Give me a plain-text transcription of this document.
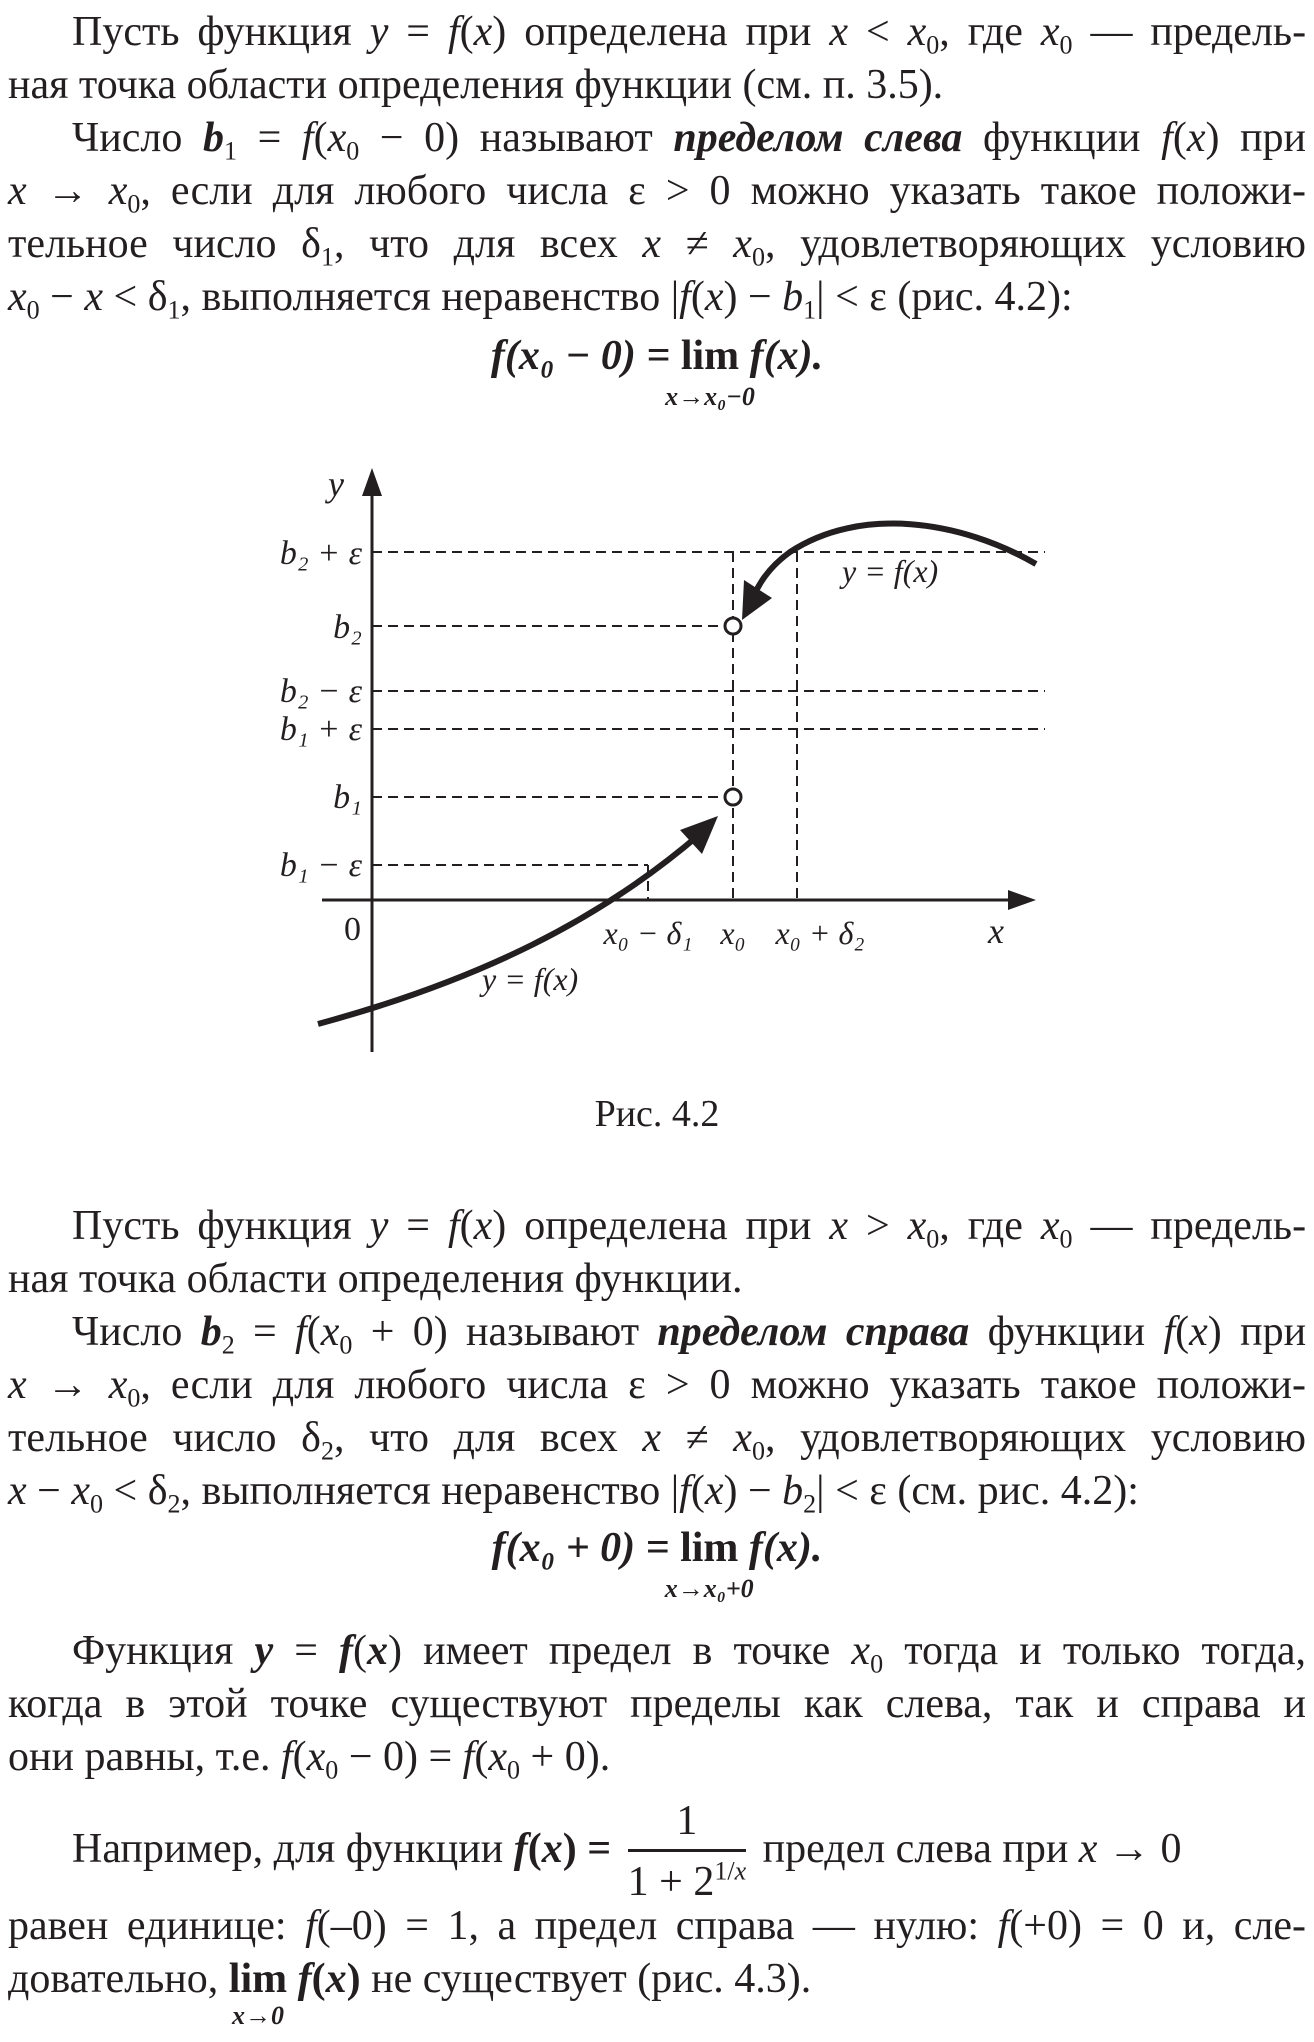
Пусть функция y = f(x) определена при $x < x_0$, где $x_0$ — предель-
ная точка области определения функции (см. п. 3.5).
Число $b_1 = f(x_0 - 0)$ называют пределом слева функции f(x) при
$x \to x_0$, если для любого числа ε > 0 можно указать такое положи-
тельное число $\delta_1$, что для всех $x \ne x_0$, удовлетворяющих условию
$x_0 - x < \delta_1$, выполняется неравенство $|f(x) - b_1| < \varepsilon$ (рис. 4.2):
f(x₀ − 0) = lim
x→x₀−0
f(x).
y
x
0
b₂ + ε
b₂
b₂ − ε
b₁ + ε
b₁
b₁ − ε
x₀ − δ₁ x₀ x₀ + δ₂
y = f(x)
y = f(x)
Рис. 4.2
Пусть функция y = f(x) определена при $x > x_0$, где $x_0$ — предель-
ная точка области определения функции.
Число $b_2 = f(x_0 + 0)$ называют пределом справа функции f(x) при
$x \to x_0$, если для любого числа ε > 0 можно указать такое положи-
тельное число $\delta_2$, что для всех $x \ne x_0$, удовлетворяющих условию
$x - x_0 < \delta_2$, выполняется неравенство $|f(x) - b_2| < \varepsilon$ (см. рис. 4.2):
f(x₀ + 0) = lim
x→x₀+0
f(x).
Функция y = f(x) имеет предел в точке $x_0$ тогда и только тогда,
когда в этой точке существуют пределы как слева, так и справа и
они равны, т.е. $f(x_0 - 0) = f(x_0 + 0)$.
Например, для функции $f(x) = \frac{1}{1 + 2^{1/x}}$ предел слева при x → 0
равен единице: f(–0) = 1, а предел справа — нулю: f(+0) = 0 и, сле-
довательно, lim
x→0
f(x) не существует (рис. 4.3).
